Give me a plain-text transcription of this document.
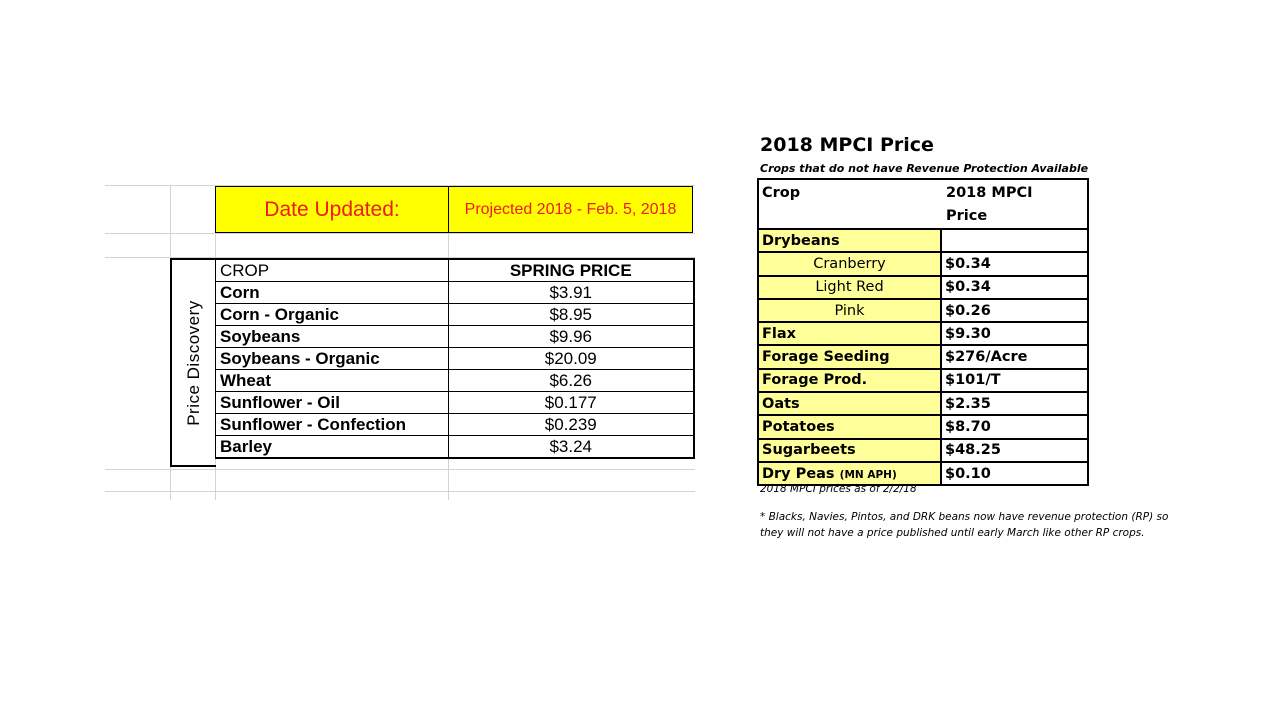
Date Updated:	Projected 2018 - Feb. 5, 2018
Price Discovery
CROP	SPRING PRICE
Corn	$3.91
Corn - Organic	$8.95
Soybeans	$9.96
Soybeans - Organic	$20.09
Wheat	$6.26
Sunflower - Oil	$0.177
Sunflower - Confection	$0.239
Barley	$3.24
2018 MPCI Price
Crops that do not have Revenue Protection Available
Crop	2018 MPCI
Price
Drybeans	
Cranberry	$0.34
Light Red	$0.34
Pink	$0.26
Flax	$9.30
Forage Seeding	$276/Acre
Forage Prod.	$101/T
Oats	$2.35
Potatoes	$8.70
Sugarbeets	$48.25
Dry Peas (MN APH)	$0.10
2018 MPCI prices as of 2/2/18
* Blacks, Navies, Pintos, and DRK beans now have revenue protection (RP) so they will not have a price published until early March like other RP crops.
